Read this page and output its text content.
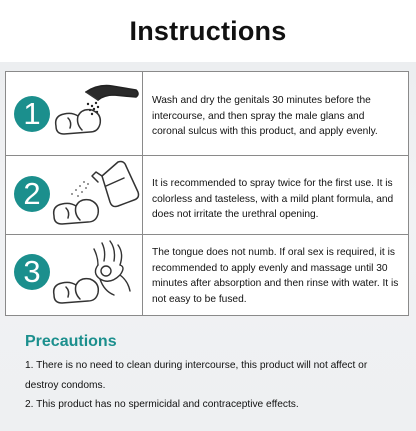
Instructions
1	Wash and dry the genitals 30 minutes before the intercourse, and then spray the male glans and coronal sulcus with this product, and apply evenly.
2	It is recommended to spray twice for the first use. It is colorless and tasteless, with a mild plant formula, and does not irritate the urethral opening.
3
The tongue does not numb. If oral sex is required, it is recommended to apply evenly and massage until 30 minutes after absorption and then rinse with water. It is not easy to be fused.
Precautions

1. There is no need to clean during intercourse, this product will not affect or destroy condoms.

2. This product has no spermicidal and contraceptive effects.
